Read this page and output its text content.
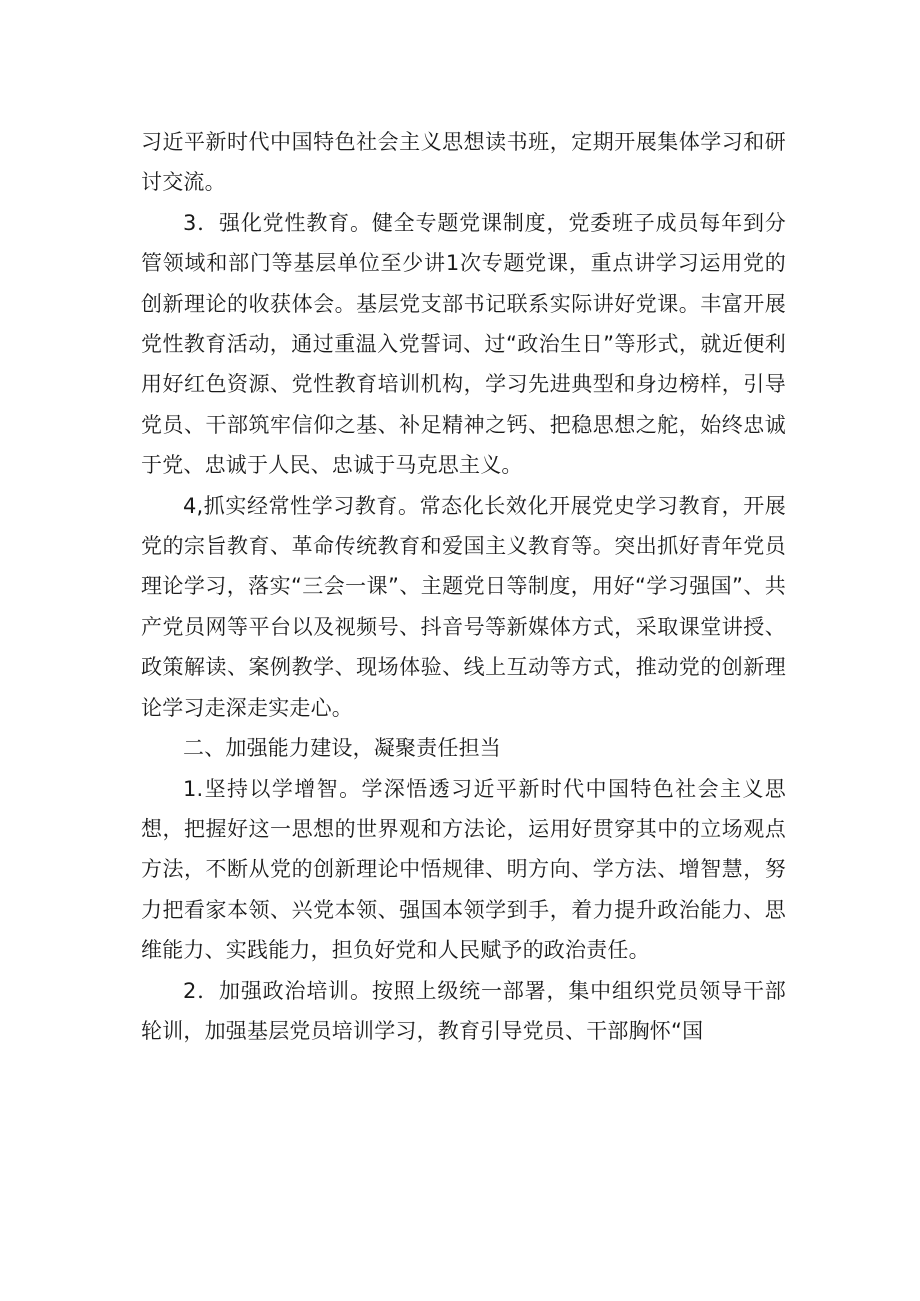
习近平新时代中国特色社会主义思想读书班，定期开展集体学习和研讨交流。

3．强化党性教育。健全专题党课制度，党委班子成员每年到分管领域和部门等基层单位至少讲1次专题党课，重点讲学习运用党的创新理论的收获体会。基层党支部书记联系实际讲好党课。丰富开展党性教育活动，通过重温入党誓词、过“政治生日”等形式，就近便利用好红色资源、党性教育培训机构，学习先进典型和身边榜样，引导党员、干部筑牢信仰之基、补足精神之钙、把稳思想之舵，始终忠诚于党、忠诚于人民、忠诚于马克思主义。

4,抓实经常性学习教育。常态化长效化开展党史学习教育，开展党的宗旨教育、革命传统教育和爱国主义教育等。突出抓好青年党员理论学习，落实“三会一课”、主题党日等制度，用好“学习强国”、共产党员网等平台以及视频号、抖音号等新媒体方式，采取课堂讲授、政策解读、案例教学、现场体验、线上互动等方式，推动党的创新理论学习走深走实走心。

二、加强能力建设，凝聚责任担当

1.坚持以学增智。学深悟透习近平新时代中国特色社会主义思想，把握好这一思想的世界观和方法论，运用好贯穿其中的立场观点方法，不断从党的创新理论中悟规律、明方向、学方法、增智慧，努力把看家本领、兴党本领、强国本领学到手，着力提升政治能力、思维能力、实践能力，担负好党和人民赋予的政治责任。

2．加强政治培训。按照上级统一部署，集中组织党员领导干部轮训，加强基层党员培训学习，教育引导党员、干部胸怀“国
